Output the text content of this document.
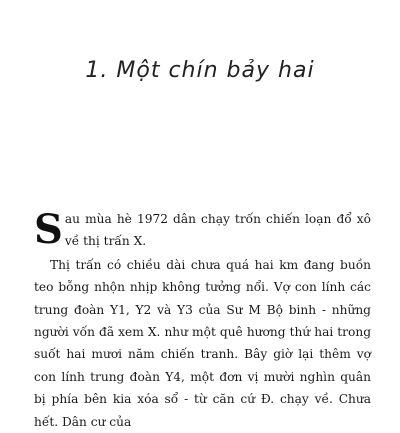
1. Một chín bảy hai

Sau mùa hè 1972 dân chạy trốn chiến loạn đổ xô về thị trấn X.

Thị trấn có chiều dài chưa quá hai km đang buồn teo bỗng nhộn nhịp không tưởng nổi. Vợ con lính các trung đoàn Y1, Y2 và Y3 của Sư M Bộ binh - những người vốn đã xem X. như một quê hương thứ hai trong suốt hai mươi năm chiến tranh. Bây giờ lại thêm vợ con lính trung đoàn Y4, một đơn vị mười nghìn quân bị phía bên kia xóa sổ - từ căn cứ Đ. chạy về. Chưa hết. Dân cư của
